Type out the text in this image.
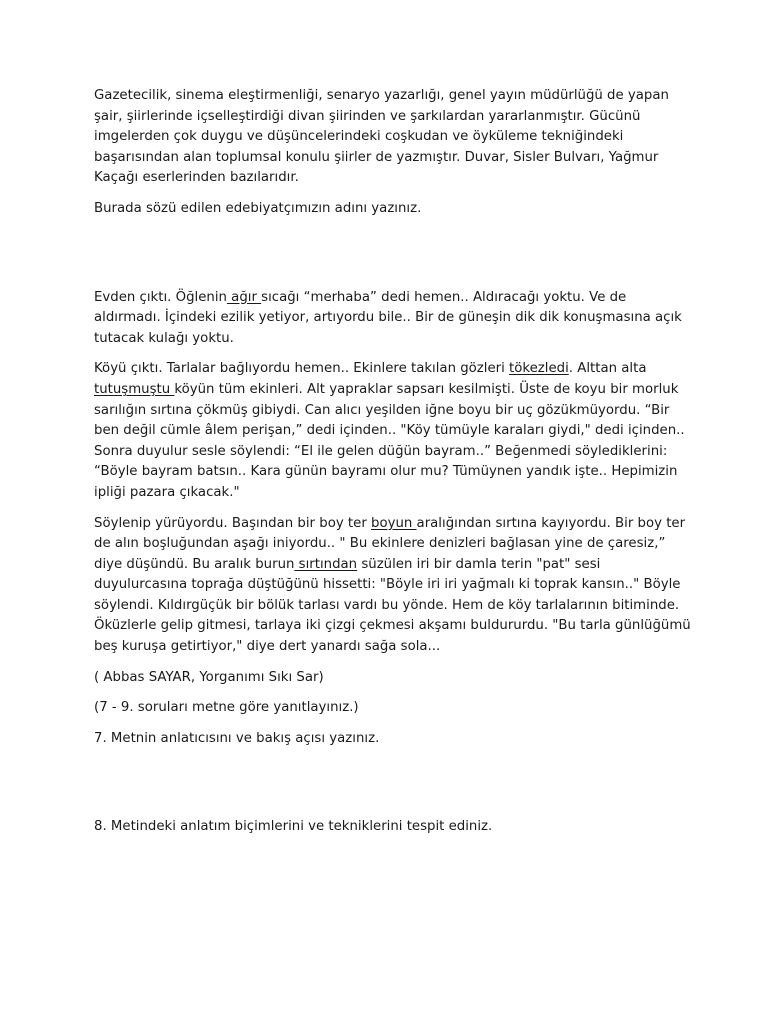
Gazetecilik, sinema eleştirmenliği, senaryo yazarlığı, genel yayın müdürlüğü de yapan şair, şiirlerinde içselleştirdiği divan şiirinden ve şarkılardan yararlanmıştır. Gücünü imgelerden çok duygu ve düşüncelerindeki coşkudan ve öyküleme tekniğindeki başarısından alan toplumsal konulu şiirler de yazmıştır. Duvar, Sisler Bulvarı, Yağmur Kaçağı eserlerinden bazılarıdır.

Burada sözü edilen edebiyatçımızın adını yazınız.

Evden çıktı. Öğlenin ağır sıcağı “merhaba” dedi hemen.. Aldıracağı yoktu. Ve de aldırmadı. İçindeki ezilik yetiyor, artıyordu bile.. Bir de güneşin dik dik konuşmasına açık tutacak kulağı yoktu.

Köyü çıktı. Tarlalar bağlıyordu hemen.. Ekinlere takılan gözleri tökezledi. Alttan alta tutuşmuştu köyün tüm ekinleri. Alt yapraklar sapsarı kesilmişti. Üste de koyu bir morluk sarılığın sırtına çökmüş gibiydi. Can alıcı yeşilden iğne boyu bir uç gözükmüyordu. “Bir ben değil cümle âlem perişan,” dedi içinden.. "Köy tümüyle karaları giydi," dedi içinden.. Sonra duyulur sesle söylendi: “El ile gelen düğün bayram..” Beğenmedi söylediklerini: “Böyle bayram batsın.. Kara günün bayramı olur mu? Tümüynen yandık işte.. Hepimizin ipliği pazara çıkacak."

Söylenip yürüyordu. Başından bir boy ter boyun aralığından sırtına kayıyordu. Bir boy ter de alın boşluğundan aşağı iniyordu.. " Bu ekinlere denizleri bağlasan yine de çaresiz,” diye düşündü. Bu aralık burun sırtından süzülen iri bir damla terin "pat" sesi duyulurcasına toprağa düştüğünü hissetti: "Böyle iri iri yağmalı ki toprak kansın.." Böyle söylendi. Kıldırgüçük bir bölük tarlası vardı bu yönde. Hem de köy tarlalarının bitiminde. Öküzlerle gelip gitmesi, tarlaya iki çizgi çekmesi akşamı buldururdu. "Bu tarla günlüğümü beş kuruşa getirtiyor," diye dert yanardı sağa sola...

( Abbas SAYAR, Yorganımı Sıkı Sar)

(7 - 9. soruları metne göre yanıtlayınız.)

7. Metnin anlatıcısını ve bakış açısı yazınız.

8. Metindeki anlatım biçimlerini ve tekniklerini tespit ediniz.
